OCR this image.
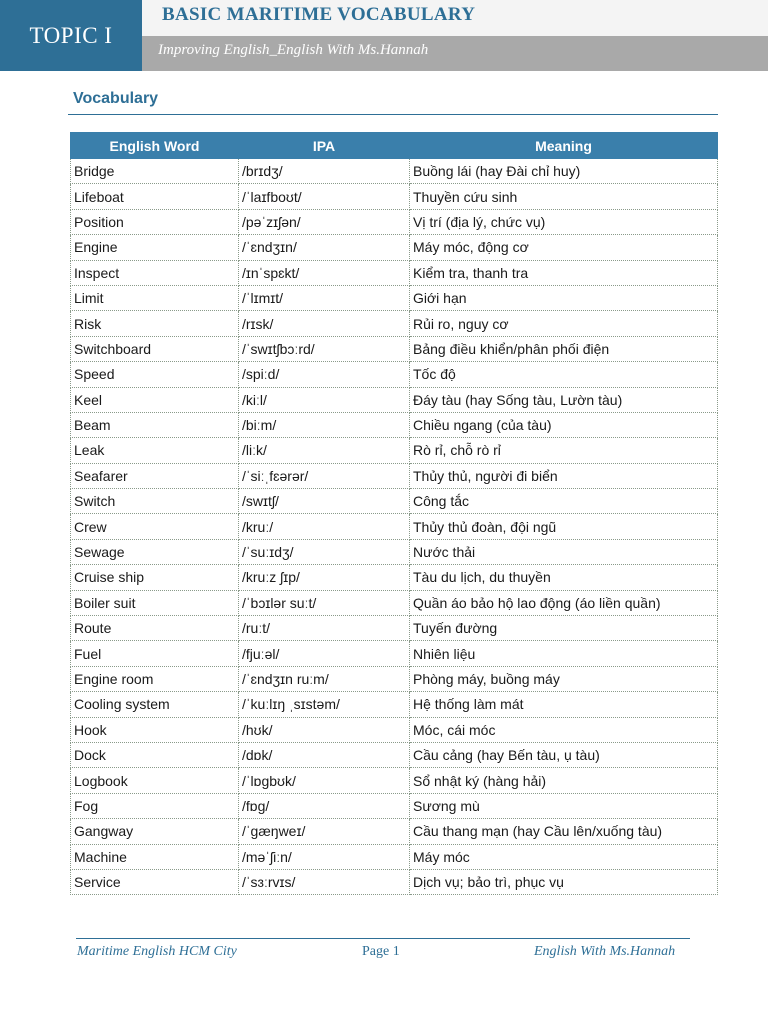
TOPIC I
BASIC MARITIME VOCABULARY
Improving English_English With Ms.Hannah
Vocabulary
English Word	IPA	Meaning
Bridge	/brɪdʒ/	Buồng lái (hay Đài chỉ huy)
Lifeboat	/ˈlaɪfboʊt/	Thuyền cứu sinh
Position	/pəˈzɪʃən/	Vị trí (địa lý, chức vụ)
Engine	/ˈɛndʒɪn/	Máy móc, động cơ
Inspect	/ɪnˈspɛkt/	Kiểm tra, thanh tra
Limit	/ˈlɪmɪt/	Giới hạn
Risk	/rɪsk/	Rủi ro, nguy cơ
Switchboard	/ˈswɪtʃbɔːrd/	Bảng điều khiển/phân phối điện
Speed	/spiːd/	Tốc độ
Keel	/kiːl/	Đáy tàu (hay Sống tàu, Lườn tàu)
Beam	/biːm/	Chiều ngang (của tàu)
Leak	/liːk/	Rò rỉ, chỗ rò rỉ
Seafarer	/ˈsiːˌfɛərər/	Thủy thủ, người đi biển
Switch	/swɪtʃ/	Công tắc
Crew	/kruː/	Thủy thủ đoàn, đội ngũ
Sewage	/ˈsuːɪdʒ/	Nước thải
Cruise ship	/kruːz ʃɪp/	Tàu du lịch, du thuyền
Boiler suit	/ˈbɔɪlər suːt/	Quần áo bảo hộ lao động (áo liền quần)
Route	/ruːt/	Tuyến đường
Fuel	/fjuːəl/	Nhiên liệu
Engine room	/ˈɛndʒɪn ruːm/	Phòng máy, buồng máy
Cooling system	/ˈkuːlɪŋ ˌsɪstəm/	Hệ thống làm mát
Hook	/hʊk/	Móc, cái móc
Dock	/dɒk/	Cầu cảng (hay Bến tàu, ụ tàu)
Logbook	/ˈlɒɡbʊk/	Sổ nhật ký (hàng hải)
Fog	/fɒɡ/	Sương mù
Gangway	/ˈɡæŋweɪ/	Cầu thang mạn (hay Cầu lên/xuống tàu)
Machine	/məˈʃiːn/	Máy móc
Service	/ˈsɜːrvɪs/	Dịch vụ; bảo trì, phục vụ
Maritime English HCM City	Page 1	English With Ms.Hannah
